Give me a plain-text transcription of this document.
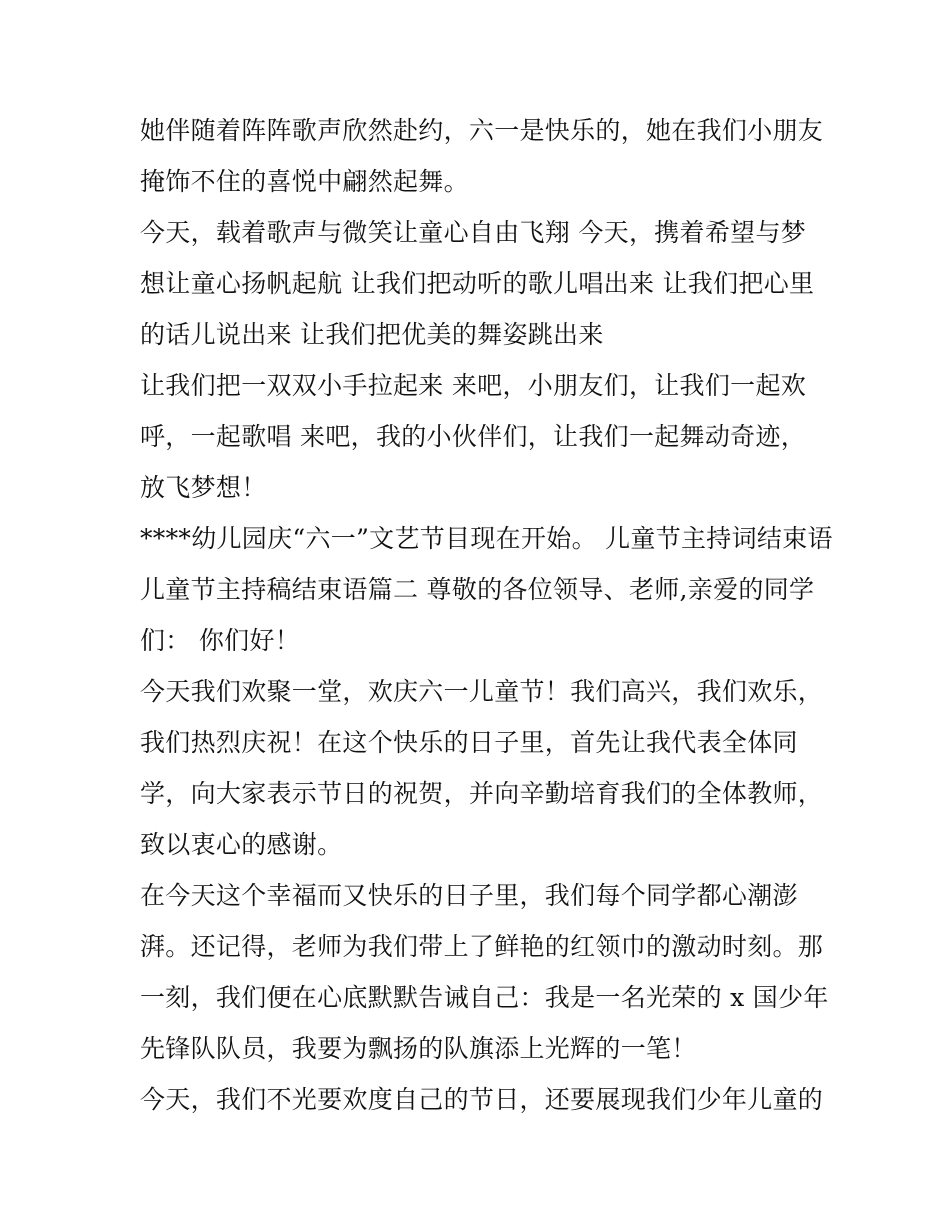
她伴随着阵阵歌声欣然赴约，六一是快乐的，她在我们小朋友
掩饰不住的喜悦中翩然起舞。
今天，载着歌声与微笑让童心自由飞翔 今天，携着希望与梦
想让童心扬帆起航 让我们把动听的歌儿唱出来 让我们把心里
的话儿说出来 让我们把优美的舞姿跳出来
让我们把一双双小手拉起来 来吧，小朋友们，让我们一起欢
呼，一起歌唱 来吧，我的小伙伴们，让我们一起舞动奇迹，
放飞梦想！
****幼儿园庆“六一”文艺节目现在开始。 儿童节主持词结束语
儿童节主持稿结束语篇二 尊敬的各位领导、老师,亲爱的同学
们： 你们好！
今天我们欢聚一堂，欢庆六一儿童节！我们高兴，我们欢乐，
我们热烈庆祝！在这个快乐的日子里，首先让我代表全体同
学，向大家表示节日的祝贺，并向辛勤培育我们的全体教师，
致以衷心的感谢。
在今天这个幸福而又快乐的日子里，我们每个同学都心潮澎
湃。还记得，老师为我们带上了鲜艳的红领巾的激动时刻。那
一刻，我们便在心底默默告诫自己：我是一名光荣的 x 国少年
先锋队队员，我要为飘扬的队旗添上光辉的一笔！
今天，我们不光要欢度自己的节日，还要展现我们少年儿童的
